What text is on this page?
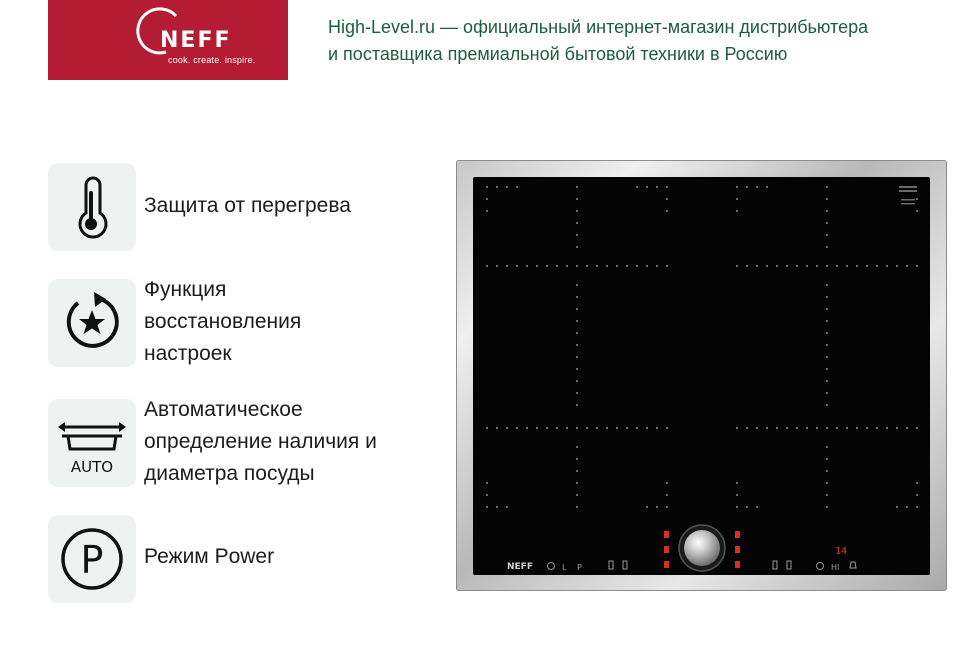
NEFF
cook. create. inspire.
High-Level.ru — официальный интернет-магазин дистрибьютера
и поставщика премиальной бытовой техники в Россию
Защита от перегрева
Функция
восстановления
настроек
AUTO
Автоматическое
определение наличия и
диаметра посуды
P Режим Power	NEFF	L P	HI
14
